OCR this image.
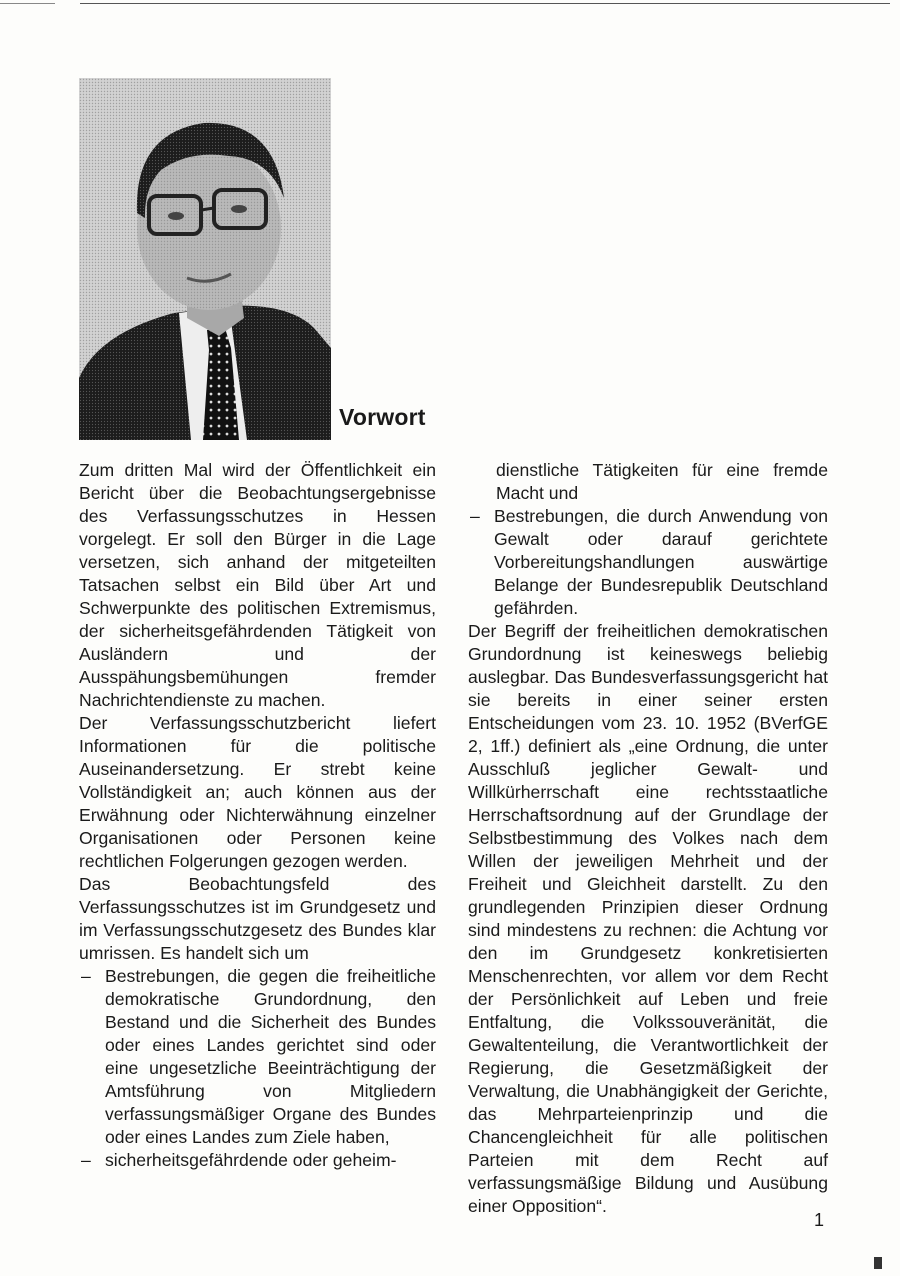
Vorwort

Zum dritten Mal wird der Öffentlichkeit ein Bericht über die Beobachtungsergebnisse des Verfassungsschutzes in Hessen vorgelegt. Er soll den Bürger in die Lage versetzen, sich anhand der mitgeteilten Tatsachen selbst ein Bild über Art und Schwerpunkte des politischen Extremismus, der sicherheitsgefährdenden Tätigkeit von Ausländern und der Ausspähungsbemühungen fremder Nachrichtendienste zu machen.

Der Verfassungsschutzbericht liefert Informationen für die politische Auseinandersetzung. Er strebt keine Vollständigkeit an; auch können aus der Erwähnung oder Nichterwähnung einzelner Organisationen oder Personen keine rechtlichen Folgerungen gezogen werden.

Das Beobachtungsfeld des Verfassungsschutzes ist im Grundgesetz und im Verfassungsschutzgesetz des Bundes klar umrissen. Es handelt sich um

– Bestrebungen, die gegen die freiheitliche demokratische Grundordnung, den Bestand und die Sicherheit des Bundes oder eines Landes gerichtet sind oder eine ungesetzliche Beeinträchtigung der Amtsführung von Mitgliedern verfassungsmäßiger Organe des Bundes oder eines Landes zum Ziele haben,
– sicherheitsgefährdende oder geheim-
dienstliche Tätigkeiten für eine fremde Macht und
– Bestrebungen, die durch Anwendung von Gewalt oder darauf gerichtete Vorbereitungshandlungen auswärtige Belange der Bundesrepublik Deutschland gefährden.

Der Begriff der freiheitlichen demokratischen Grundordnung ist keineswegs beliebig auslegbar. Das Bundesverfassungsgericht hat sie bereits in einer seiner ersten Entscheidungen vom 23. 10. 1952 (BVerfGE 2, 1ff.) definiert als „eine Ordnung, die unter Ausschluß jeglicher Gewalt- und Willkürherrschaft eine rechtsstaatliche Herrschaftsordnung auf der Grundlage der Selbstbestimmung des Volkes nach dem Willen der jeweiligen Mehrheit und der Freiheit und Gleichheit darstellt. Zu den grundlegenden Prinzipien dieser Ordnung sind mindestens zu rechnen: die Achtung vor den im Grundgesetz konkretisierten Menschenrechten, vor allem vor dem Recht der Persönlichkeit auf Leben und freie Entfaltung, die Volkssouveränität, die Gewaltenteilung, die Verantwortlichkeit der Regierung, die Gesetzmäßigkeit der Verwaltung, die Unabhängigkeit der Gerichte, das Mehrparteienprinzip und die Chancengleichheit für alle politischen Parteien mit dem Recht auf verfassungsmäßige Bildung und Ausübung einer Opposition“.

1
